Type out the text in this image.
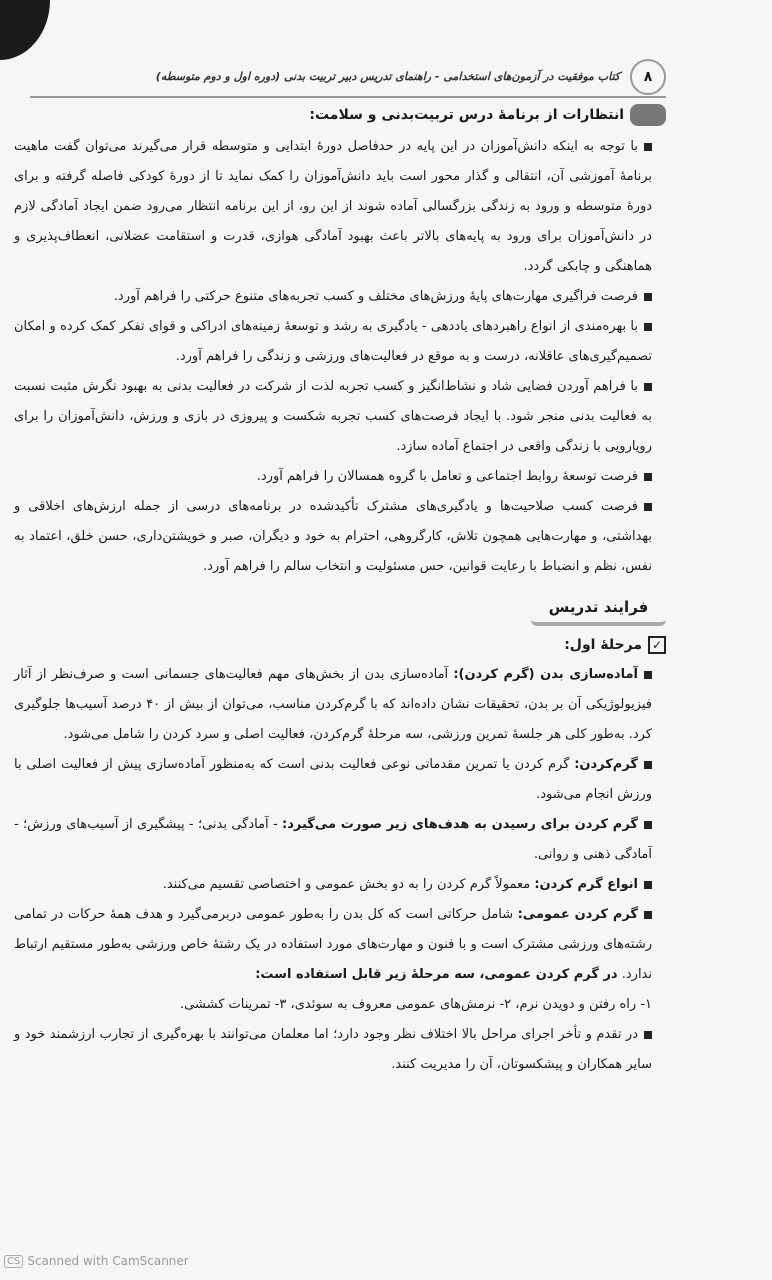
۸
کتاب موفقیت در آزمون‌های استخدامی - راهنمای تدریس دبیر تربیت بدنی (دوره اول و دوم متوسطه)
انتظارات از برنامهٔ درس تربیت‌بدنی و سلامت:

با توجه به اینکه دانش‌آموزان در این پایه در حدفاصل دورهٔ ابتدایی و متوسطه قرار می‌گیرند می‌توان گفت ماهیت برنامهٔ آموزشی آن، انتقالی و گذار محور است باید دانش‌آموزان را کمک نماید تا از دورهٔ کودکی فاصله گرفته و برای دورهٔ متوسطه و ورود به زندگی بزرگسالی آماده شوند از این رو، از این برنامه انتظار می‌رود ضمن ایجاد آمادگی لازم در دانش‌آموزان برای ورود به پایه‌های بالاتر باعث بهبود آمادگی هوازی، قدرت و استقامت عضلانی، انعطاف‌پذیری و هماهنگی و چابکی گردد.

فرصت فراگیری مهارت‌های پایهٔ ورزش‌های مختلف و کسب تجربه‌های متنوع حرکتی را فراهم آورد.

با بهره‌مندی از انواع راهبردهای یاددهی - یادگیری به رشد و توسعهٔ زمینه‌های ادراکی و قوای تفکر کمک کرده و امکان تصمیم‌گیری‌های عاقلانه، درست و به موقع در فعالیت‌های ورزشی و زندگی را فراهم آورد.

با فراهم آوردن فضایی شاد و نشاط‌انگیز و کسب تجربه لذت از شرکت در فعالیت بدنی به بهبود نگرش مثبت نسبت به فعالیت بدنی منجر شود. با ایجاد فرصت‌های کسب تجربه شکست و پیروزی در بازی و ورزش، دانش‌آموزان را برای رویارویی با زندگی واقعی در اجتماع آماده سازد.

فرصت توسعهٔ روابط اجتماعی و تعامل با گروه همسالان را فراهم آورد.

فرصت کسب صلاحیت‌ها و یادگیری‌های مشترک تأکیدشده در برنامه‌های درسی از جمله ارزش‌های اخلاقی و بهداشتی، و مهارت‌هایی همچون تلاش، کارگروهی، احترام به خود و دیگران، صبر و خویشتن‌داری، حسن خلق، اعتماد به نفس، نظم و انضباط با رعایت قوانین، حس مسئولیت و انتخاب سالم را فراهم آورد.

فرایند تدریس
✓مرحلهٔ اول:

آماده‌سازی بدن (گرم کردن): آماده‌سازی بدن از بخش‌های مهم فعالیت‌های جسمانی است و صرف‌نظر از آثار فیزیولوژیکی آن بر بدن، تحقیقات نشان داده‌اند که با گرم‌کردن مناسب، می‌توان از بیش از ۴۰ درصد آسیب‌ها جلوگیری کرد. به‌طور کلی هر جلسهٔ تمرین ورزشی، سه مرحلهٔ گرم‌کردن، فعالیت اصلی و سرد کردن را شامل می‌شود.

گرم‌کردن: گرم کردن یا تمرین مقدماتی نوعی فعالیت بدنی است که به‌منظور آماده‌سازی پیش از فعالیت اصلی با ورزش انجام می‌شود.

گرم کردن برای رسیدن به هدف‌های زیر صورت می‌گیرد: - آمادگی بدنی؛ - پیشگیری از آسیب‌های ورزش؛ - آمادگی ذهنی و روانی.

انواع گرم کردن: معمولاً گرم کردن را به دو بخش عمومی و اختصاصی تقسیم می‌کنند.

گرم کردن عمومی: شامل حرکاتی است که کل بدن را به‌طور عمومی دربرمی‌گیرد و هدف همهٔ حرکات در تمامی رشته‌های ورزشی مشترک است و با فنون و مهارت‌های مورد استفاده در یک رشتهٔ خاص ورزشی به‌طور مستقیم ارتباط ندارد. در گرم کردن عمومی، سه مرحلهٔ زیر قابل استفاده است:

۱- راه رفتن و دویدن نرم، ۲- نرمش‌های عمومی معروف به سوئدی، ۳- تمرینات کششی.

در تقدم و تأخر اجرای مراحل بالا اختلاف نظر وجود دارد؛ اما معلمان می‌توانند با بهره‌گیری از تجارب ارزشمند خود و سایر همکاران و پیشکسوتان، آن را مدیریت کنند.

CS Scanned with CamScanner
